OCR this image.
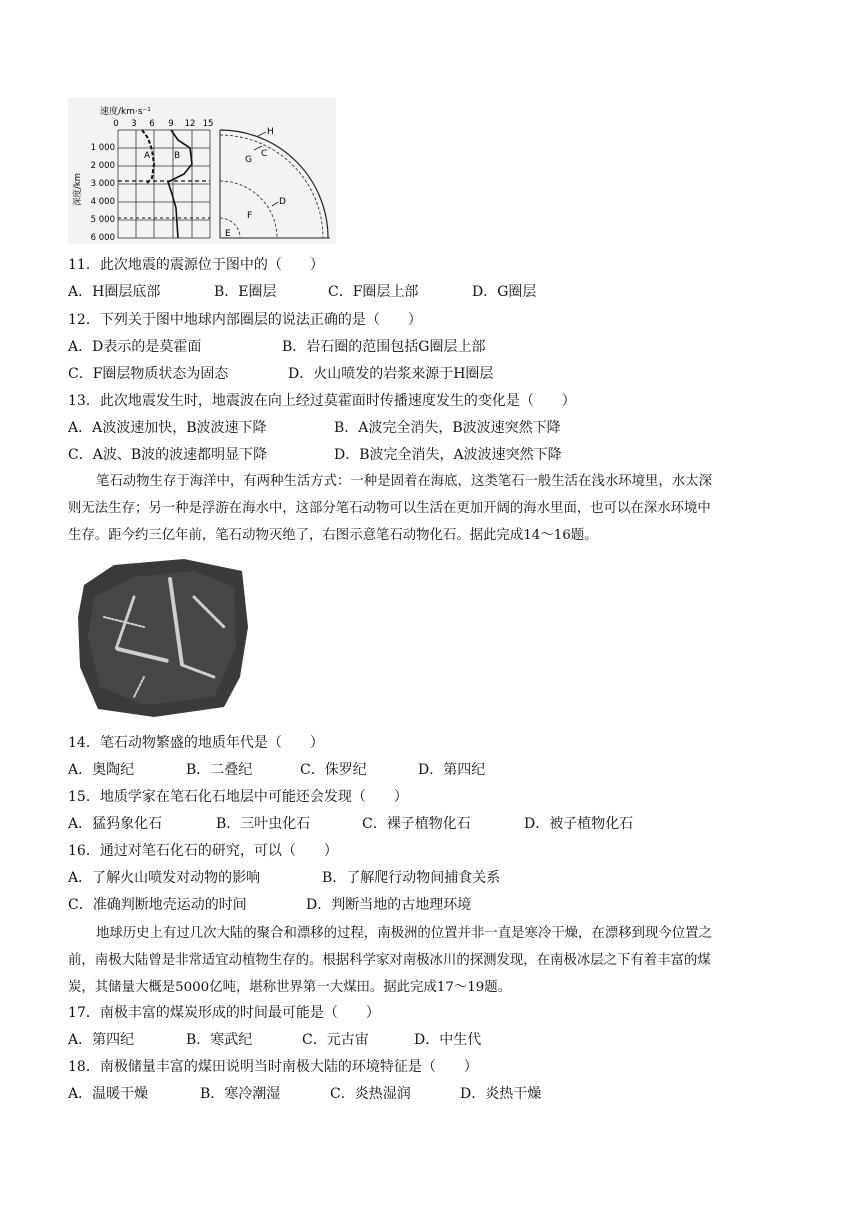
速度/km·s⁻¹
0 3 6 9 12 15
深度/km
1 000
2 000
3 000
4 000
5 000
6 000
A	B
H
C
G
D
F
E
11．此次地震的震源位于图中的（　　）
A．H圈层底部	B．E圈层	C．F圈层上部	D．G圈层
12．下列关于图中地球内部圈层的说法正确的是（　　）
A．D表示的是莫霍面	B．岩石圈的范围包括G圈层上部
C．F圈层物质状态为固态	D．火山喷发的岩浆来源于H圈层
13．此次地震发生时，地震波在向上经过莫霍面时传播速度发生的变化是（　　）
A．A波波速加快，B波波速下降	B．A波完全消失，B波波速突然下降
C．A波、B波的波速都明显下降	D．B波完全消失，A波波速突然下降
笔石动物生存于海洋中，有两种生活方式：一种是固着在海底，这类笔石一般生活在浅水环境里，水太深
则无法生存；另一种是浮游在海水中，这部分笔石动物可以生活在更加开阔的海水里面，也可以在深水环境中
生存。距今约三亿年前，笔石动物灭绝了，右图示意笔石动物化石。据此完成14～16题。
14．笔石动物繁盛的地质年代是（　　）
A．奥陶纪	B．二叠纪	C．侏罗纪	D．第四纪
15．地质学家在笔石化石地层中可能还会发现（　　）
A．猛犸象化石	B．三叶虫化石	C．裸子植物化石	D．被子植物化石
16．通过对笔石化石的研究，可以（　　）
A．了解火山喷发对动物的影响	B．了解爬行动物间捕食关系
C．准确判断地壳运动的时间	D．判断当地的古地理环境
地球历史上有过几次大陆的聚合和漂移的过程，南极洲的位置并非一直是寒冷干燥，在漂移到现今位置之
前，南极大陆曾是非常适宜动植物生存的。根据科学家对南极冰川的探测发现，在南极冰层之下有着丰富的煤
炭，其储量大概是5000亿吨，堪称世界第一大煤田。据此完成17～19题。
17．南极丰富的煤炭形成的时间最可能是（　　）
A．第四纪	B．寒武纪	C．元古宙	D．中生代
18．南极储量丰富的煤田说明当时南极大陆的环境特征是（　　）
A．温暖干燥	B．寒冷潮湿	C．炎热湿润	D．炎热干燥
